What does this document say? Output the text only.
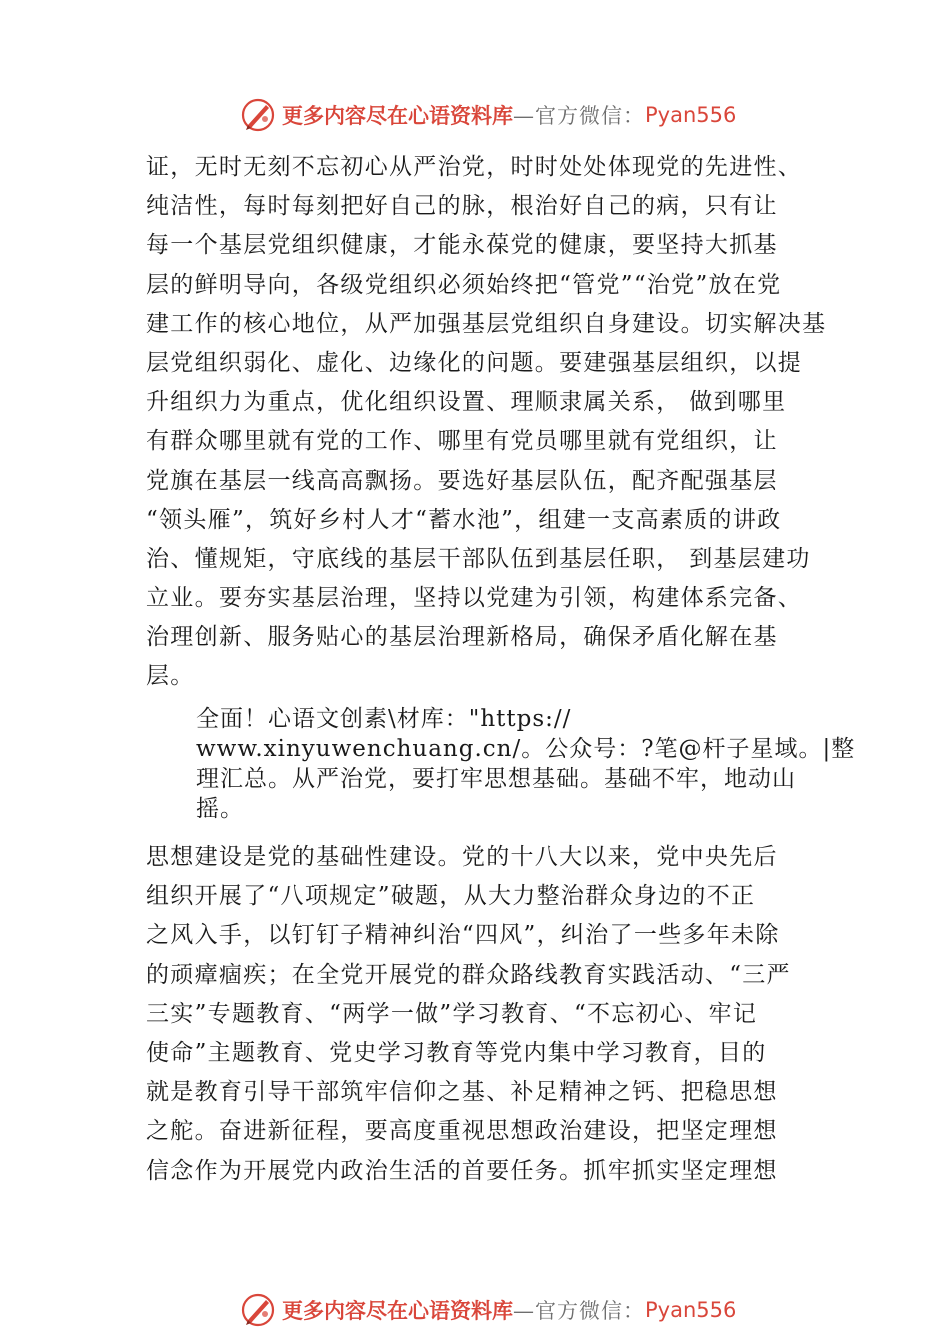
更多内容尽在心语资料库 —官方微信： Pyan556
证，无时无刻不忘初心从严治党，时时处处体现党的先进性、
纯洁性，每时每刻把好自己的脉，根治好自己的病，只有让
每一个基层党组织健康，才能永葆党的健康，要坚持大抓基
层的鲜明导向，各级党组织必须始终把“管党”“治党”放在党
建工作的核心地位，从严加强基层党组织自身建设。切实解决基
层党组织弱化、虚化、边缘化的问题。要建强基层组织，以提
升组织力为重点，优化组织设置、理顺隶属关系， 做到哪里
有群众哪里就有党的工作、哪里有党员哪里就有党组织，让
党旗在基层一线高高飘扬。要选好基层队伍，配齐配强基层
“领头雁”，筑好乡村人才“蓄水池”，组建一支高素质的讲政
治、懂规矩，守底线的基层干部队伍到基层任职， 到基层建功
立业。要夯实基层治理，坚持以党建为引领，构建体系完备、
治理创新、服务贴心的基层治理新格局，确保矛盾化解在基
层。
全面！心语文创素\材库："https://
www.xinyuwenchuang.cn/。公众号：?笔@杆子星域。|整
理汇总。从严治党，要打牢思想基础。基础不牢，地动山
摇。
思想建设是党的基础性建设。党的十八大以来，党中央先后
组织开展了“八项规定”破题，从大力整治群众身边的不正
之风入手，以钉钉子精神纠治“四风”，纠治了一些多年未除
的顽瘴痼疾；在全党开展党的群众路线教育实践活动、“三严
三实”专题教育、“两学一做”学习教育、“不忘初心、牢记
使命”主题教育、党史学习教育等党内集中学习教育，目的
就是教育引导干部筑牢信仰之基、补足精神之钙、把稳思想
之舵。奋进新征程，要高度重视思想政治建设，把坚定理想
信念作为开展党内政治生活的首要任务。抓牢抓实坚定理想
更多内容尽在心语资料库 —官方微信： Pyan556
